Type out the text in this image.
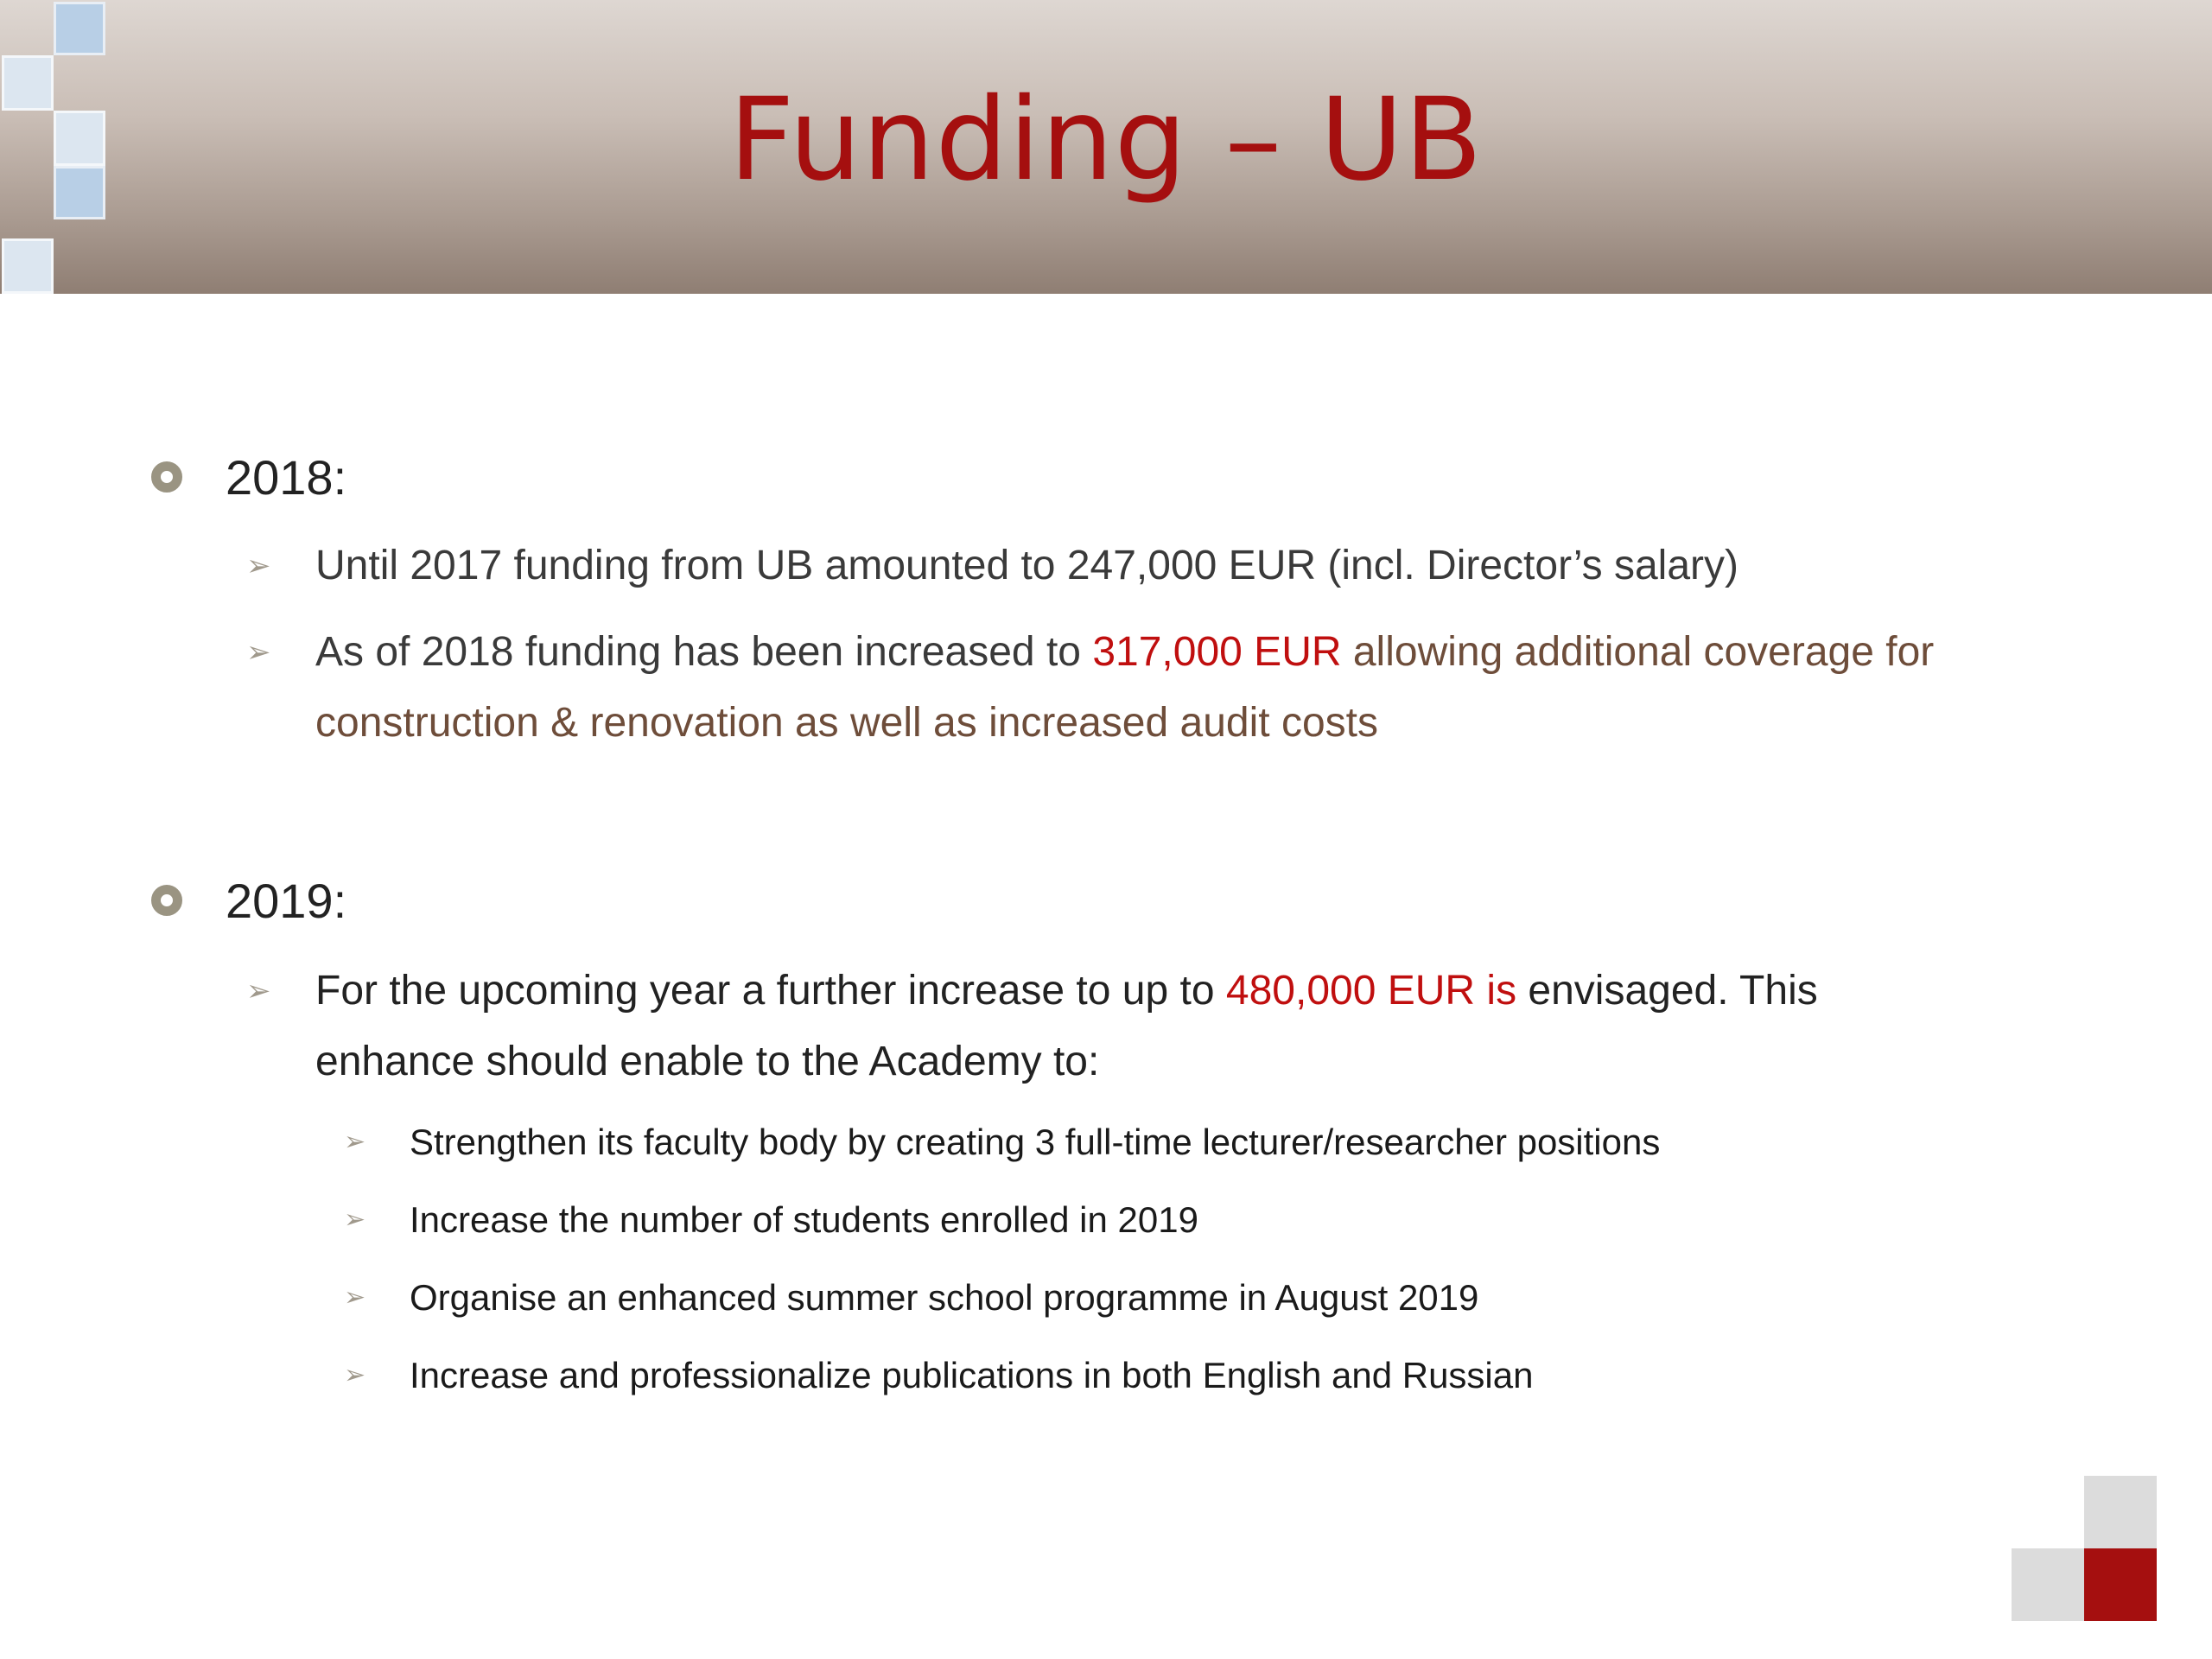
Funding – UB
2018:
➢	Until 2017 funding from UB amounted to 247,000 EUR (incl. Director’s salary)
➢	As of 2018 funding has been increased to 317,000 EUR allowing additional coverage for
construction & renovation as well as increased audit costs
2019:
➢	For the upcoming year a further increase to up to 480,000 EUR is envisaged. This
enhance should enable to the Academy to:
➢ Strengthen its faculty body by creating 3 full-time lecturer/researcher positions
➢ Increase the number of students enrolled in 2019
➢ Organise an enhanced summer school programme in August 2019
➢ Increase and professionalize publications in both English and Russian
